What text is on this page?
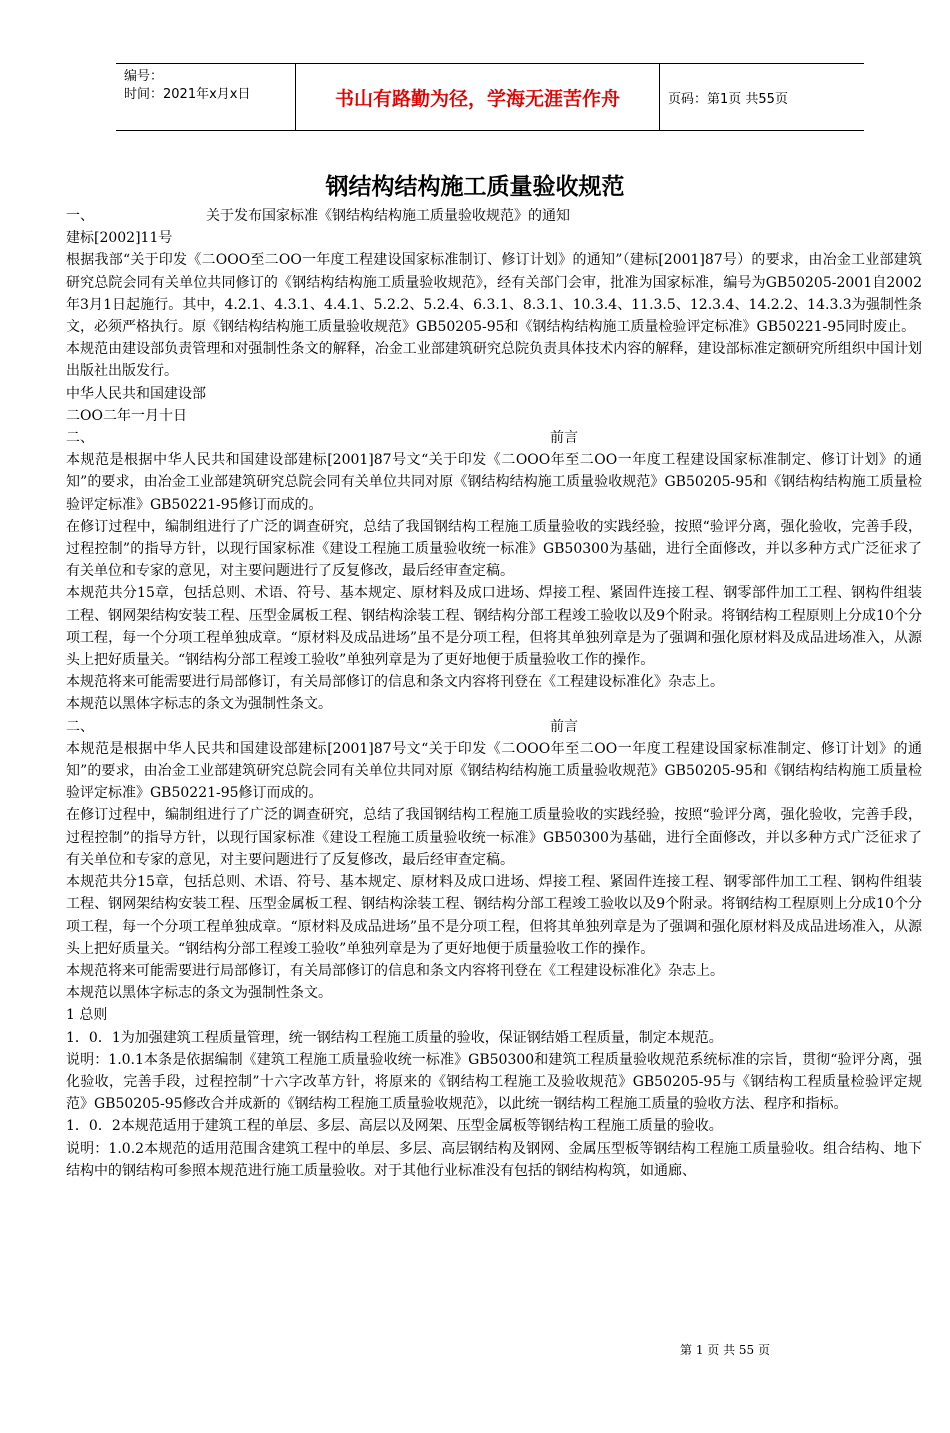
编号：
时间：2021年x月x日	书山有路勤为径，学海无涯苦作舟	页码：第1页 共55页
钢结构结构施工质量验收规范
一、	关于发布国家标准《钢结构结构施工质量验收规范》的通知

建标[2002]11号

根据我部“关于印发《二OOO至二OO一年度工程建设国家标准制订、修订计划》的通知”（建标[2001]87号）的要求，由冶金工业部建筑研究总院会同有关单位共同修订的《钢结构结构施工质量验收规范》，经有关部门会审，批准为国家标准，编号为GB50205-2001自2002年3月1日起施行。其中，4.2.1、4.3.1、4.4.1、5.2.2、5.2.4、6.3.1、8.3.1、10.3.4、11.3.5、12.3.4、14.2.2、14.3.3为强制性条文，必须严格执行。原《钢结构结构施工质量验收规范》GB50205-95和《钢结构结构施工质量检验评定标准》GB50221-95同时废止。

本规范由建设部负责管理和对强制性条文的解释，冶金工业部建筑研究总院负责具体技术内容的解释，建设部标准定额研究所组织中国计划出版社出版发行。

中华人民共和国建设部

二OO二年一月十日

二、	前言

本规范是根据中华人民共和国建设部建标[2001]87号文“关于印发《二OOO年至二OO一年度工程建设国家标准制定、修订计划》的通知”的要求，由冶金工业部建筑研究总院会同有关单位共同对原《钢结构结构施工质量验收规范》GB50205-95和《钢结构结构施工质量检验评定标准》GB50221-95修订而成的。

在修订过程中，编制组进行了广泛的调查研究，总结了我国钢结构工程施工质量验收的实践经验，按照“验评分离，强化验收，完善手段，过程控制”的指导方针，以现行国家标准《建设工程施工质量验收统一标准》GB50300为基础，进行全面修改，并以多种方式广泛征求了有关单位和专家的意见，对主要问题进行了反复修改，最后经审查定稿。

本规范共分15章，包括总则、术语、符号、基本规定、原材料及成口进场、焊接工程、紧固件连接工程、钢零部件加工工程、钢构件组装工程、钢网架结构安装工程、压型金属板工程、钢结构涂装工程、钢结构分部工程竣工验收以及9个附录。将钢结构工程原则上分成10个分项工程，每一个分项工程单独成章。“原材料及成品进场”虽不是分项工程，但将其单独列章是为了强调和强化原材料及成品进场准入，从源头上把好质量关。“钢结构分部工程竣工验收”单独列章是为了更好地便于质量验收工作的操作。

本规范将来可能需要进行局部修订，有关局部修订的信息和条文内容将刊登在《工程建设标准化》杂志上。

本规范以黑体字标志的条文为强制性条文。

二、	前言

本规范是根据中华人民共和国建设部建标[2001]87号文“关于印发《二OOO年至二OO一年度工程建设国家标准制定、修订计划》的通知”的要求，由冶金工业部建筑研究总院会同有关单位共同对原《钢结构结构施工质量验收规范》GB50205-95和《钢结构结构施工质量检验评定标准》GB50221-95修订而成的。

在修订过程中，编制组进行了广泛的调查研究，总结了我国钢结构工程施工质量验收的实践经验，按照“验评分离，强化验收，完善手段，过程控制”的指导方针，以现行国家标准《建设工程施工质量验收统一标准》GB50300为基础，进行全面修改，并以多种方式广泛征求了有关单位和专家的意见，对主要问题进行了反复修改，最后经审查定稿。

本规范共分15章，包括总则、术语、符号、基本规定、原材料及成口进场、焊接工程、紧固件连接工程、钢零部件加工工程、钢构件组装工程、钢网架结构安装工程、压型金属板工程、钢结构涂装工程、钢结构分部工程竣工验收以及9个附录。将钢结构工程原则上分成10个分项工程，每一个分项工程单独成章。“原材料及成品进场”虽不是分项工程，但将其单独列章是为了强调和强化原材料及成品进场准入，从源头上把好质量关。“钢结构分部工程竣工验收”单独列章是为了更好地便于质量验收工作的操作。

本规范将来可能需要进行局部修订，有关局部修订的信息和条文内容将刊登在《工程建设标准化》杂志上。

本规范以黑体字标志的条文为强制性条文。

1 总则

1．0．1为加强建筑工程质量管理，统一钢结构工程施工质量的验收，保证钢结婚工程质量，制定本规范。

说明：1.0.1本条是依据编制《建筑工程施工质量验收统一标准》GB50300和建筑工程质量验收规范系统标准的宗旨，贯彻“验评分离，强化验收，完善手段，过程控制”十六字改革方针，将原来的《钢结构工程施工及验收规范》GB50205-95与《钢结构工程质量检验评定规范》GB50205-95修改合并成新的《钢结构工程施工质量验收规范》，以此统一钢结构工程施工质量的验收方法、程序和指标。

1．0．2本规范适用于建筑工程的单层、多层、高层以及网架、压型金属板等钢结构工程施工质量的验收。

说明：1.0.2本规范的适用范围含建筑工程中的单层、多层、高层钢结构及钢网、金属压型板等钢结构工程施工质量验收。组合结构、地下结构中的钢结构可参照本规范进行施工质量验收。对于其他行业标准没有包括的钢结构构筑，如通廊、

第 1 页 共 55 页
